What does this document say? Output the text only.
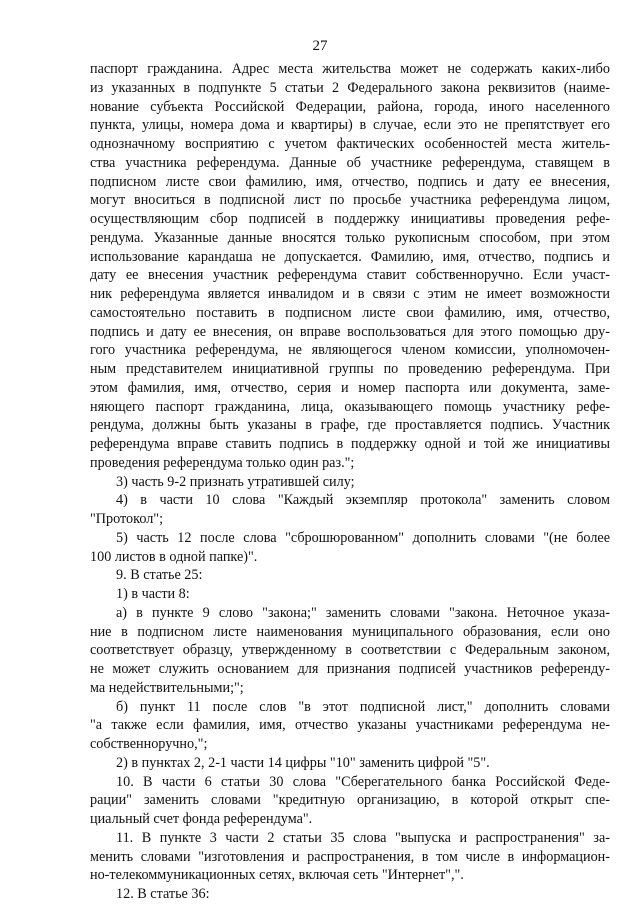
27
паспорт гражданина. Адрес места жительства может не содержать каких-либо
из указанных в подпункте 5 статьи 2 Федерального закона реквизитов (наиме-
нование субъекта Российской Федерации, района, города, иного населенного
пункта, улицы, номера дома и квартиры) в случае, если это не препятствует его
однозначному восприятию с учетом фактических особенностей места житель-
ства участника референдума. Данные об участнике референдума, ставящем в
подписном листе свои фамилию, имя, отчество, подпись и дату ее внесения,
могут вноситься в подписной лист по просьбе участника референдума лицом,
осуществляющим сбор подписей в поддержку инициативы проведения рефе-
рендума. Указанные данные вносятся только рукописным способом, при этом
использование карандаша не допускается. Фамилию, имя, отчество, подпись и
дату ее внесения участник референдума ставит собственноручно. Если участ-
ник референдума является инвалидом и в связи с этим не имеет возможности
самостоятельно поставить в подписном листе свои фамилию, имя, отчество,
подпись и дату ее внесения, он вправе воспользоваться для этого помощью дру-
гого участника референдума, не являющегося членом комиссии, уполномочен-
ным представителем инициативной группы по проведению референдума. При
этом фамилия, имя, отчество, серия и номер паспорта или документа, заме-
няющего паспорт гражданина, лица, оказывающего помощь участнику рефе-
рендума, должны быть указаны в графе, где проставляется подпись. Участник
референдума вправе ставить подпись в поддержку одной и той же инициативы
проведения референдума только один раз.";
3) часть 9-2 признать утратившей силу;
4) в части 10 слова "Каждый экземпляр протокола" заменить словом
"Протокол";
5) часть 12 после слова "сброшюрованном" дополнить словами "(не более
100 листов в одной папке)".
9. В статье 25:
1) в части 8:
а) в пункте 9 слово "закона;" заменить словами "закона. Неточное указа-
ние в подписном листе наименования муниципального образования, если оно
соответствует образцу, утвержденному в соответствии с Федеральным законом,
не может служить основанием для признания подписей участников референду-
ма недействительными;";
б) пункт 11 после слов "в этот подписной лист," дополнить словами
"а также если фамилия, имя, отчество указаны участниками референдума не-
собственноручно,";
2) в пунктах 2, 2-1 части 14 цифры "10" заменить цифрой "5".
10. В части 6 статьи 30 слова "Сберегательного банка Российской Феде-
рации" заменить словами "кредитную организацию, в которой открыт спе-
циальный счет фонда референдума".
11. В пункте 3 части 2 статьи 35 слова "выпуска и распространения" за-
менить словами "изготовления и распространения, в том числе в информацион-
но-телекоммуникационных сетях, включая сеть "Интернет",".
12. В статье 36:
